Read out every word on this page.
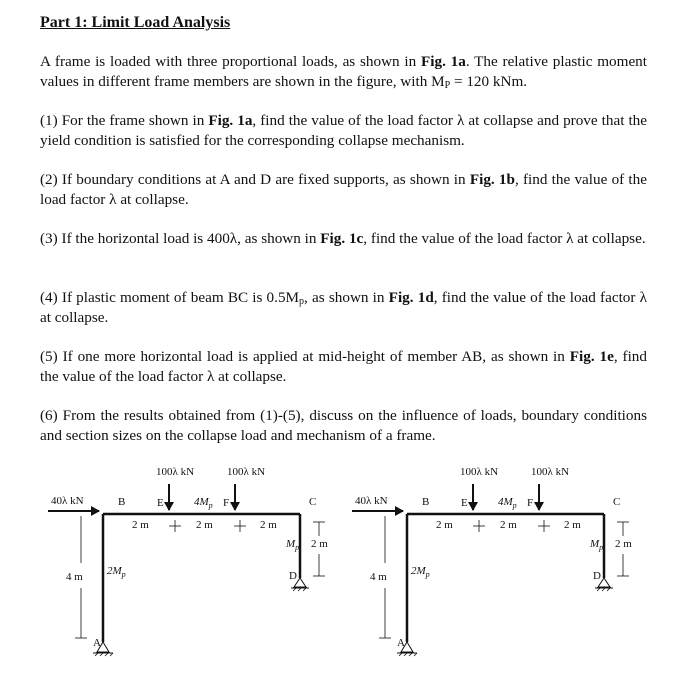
Part 1: Limit Load Analysis
A frame is loaded with three proportional loads, as shown in Fig. 1a. The relative plastic moment values in different frame members are shown in the figure, with $M_P = 120$ kNm.
(1) For the frame shown in Fig. 1a, find the value of the load factor λ at collapse and prove that the yield condition is satisfied for the corresponding collapse mechanism.
(2) If boundary conditions at A and D are fixed supports, as shown in Fig. 1b, find the value of the load factor λ at collapse.
(3) If the horizontal load is 400λ, as shown in Fig. 1c, find the value of the load factor λ at collapse.
(4) If plastic moment of beam BC is $0.5M_p$, as shown in Fig. 1d, find the value of the load factor λ at collapse.
(5) If one more horizontal load is applied at mid-height of member AB, as shown in Fig. 1e, find the value of the load factor λ at collapse.
(6) From the results obtained from (1)-(5), discuss on the influence of loads, boundary conditions and section sizes on the collapse load and mechanism of a frame.
100λ kN	100λ kN
40λ kN	B	E	F	C
D
A
$4M_p$
$2M_p$
$M_p$
2 m	2 m	2 m
4 m
2 m
100λ kN	100λ kN
40λ kN	B	E	F	C
D
A
$4M_p$
$2M_p$
$M_p$
2 m	2 m	2 m
4 m
2 m
